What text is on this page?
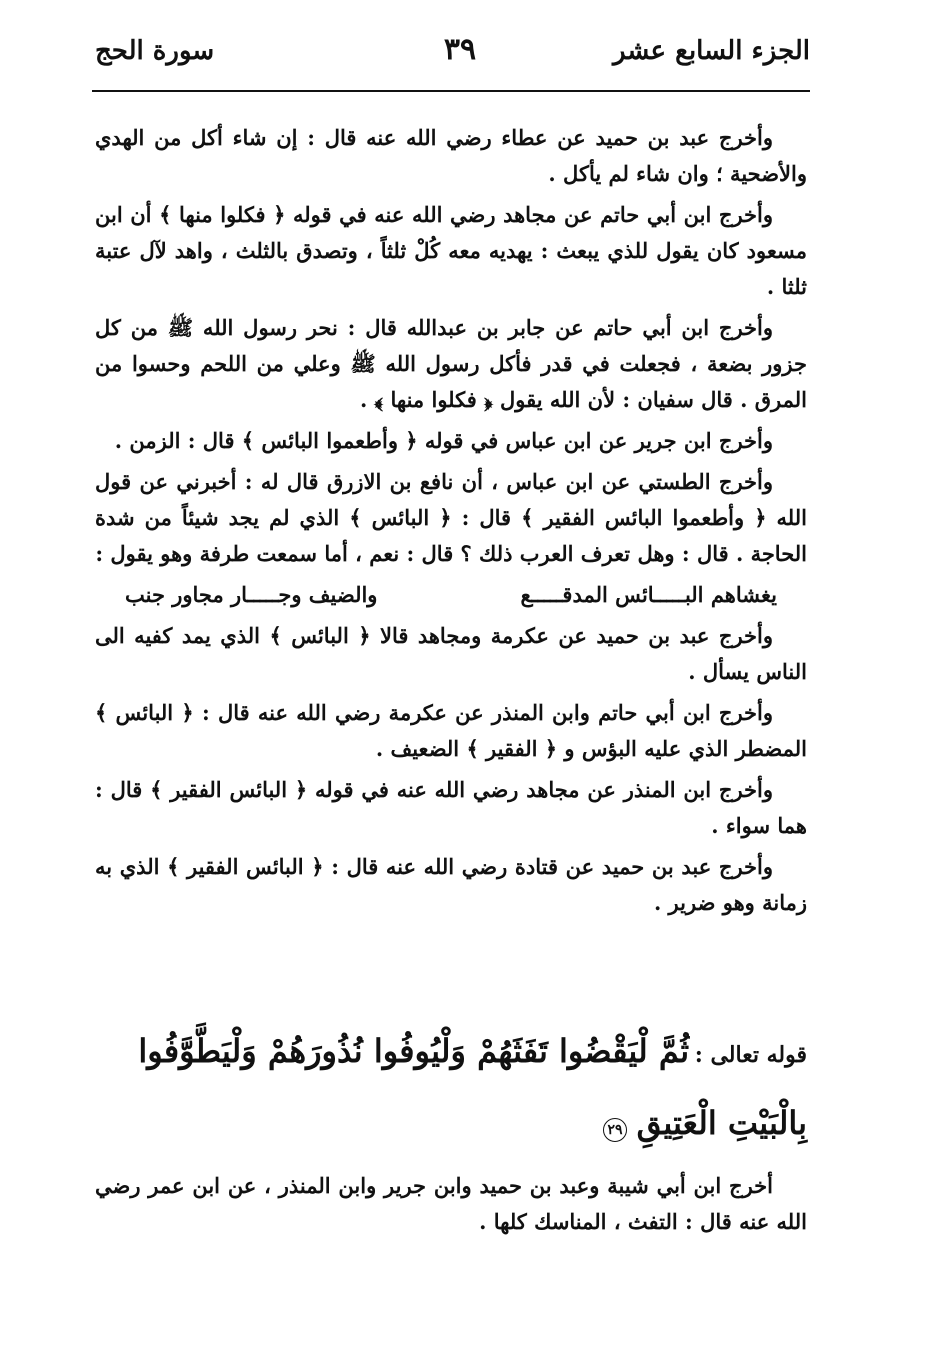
الجزء السابع عشر
٣٩
سورة الحج

وأخرج عبد بن حميد عن عطاء رضي الله عنه قال : إن شاء أكل من الهدي والأضحية ؛ وان شاء لم يأكل .

وأخرج ابن أبي حاتم عن مجاهد رضي الله عنه في قوله ﴿ فكلوا منها ﴾ أن ابن مسعود كان يقول للذي يبعث : يهديه معه كُلْ ثلثاً ، وتصدق بالثلث ، واهد لآل عتبة ثلثا .

وأخرج ابن أبي حاتم عن جابر بن عبدالله قال : نحر رسول الله ﷺ من كل جزور بضعة ، فجعلت في قدر فأكل رسول الله ﷺ وعلي من اللحم وحسوا من المرق . قال سفيان : لأن الله يقول ﴿ فكلوا منها ﴾ .

وأخرج ابن جرير عن ابن عباس في قوله ﴿ وأطعموا البائس ﴾ قال : الزمن .

وأخرج الطستي عن ابن عباس ، أن نافع بن الازرق قال له : أخبرني عن قول الله ﴿ وأطعموا البائس الفقير ﴾ قال : ﴿ البائس ﴾ الذي لم يجد شيئاً من شدة الحاجة . قال : وهل تعرف العرب ذلك ؟ قال : نعم ، أما سمعت طرفة وهو يقول :

يغشاهم البـــــائس المدقـــــع
والضيف وجـــــار مجاور جنب

وأخرج عبد بن حميد عن عكرمة ومجاهد قالا ﴿ البائس ﴾ الذي يمد كفيه الى الناس يسأل .

وأخرج ابن أبي حاتم وابن المنذر عن عكرمة رضي الله عنه قال : ﴿ البائس ﴾ المضطر الذي عليه البؤس و ﴿ الفقير ﴾ الضعيف .

وأخرج ابن المنذر عن مجاهد رضي الله عنه في قوله ﴿ البائس الفقير ﴾ قال : هما سواء .

وأخرج عبد بن حميد عن قتادة رضي الله عنه قال : ﴿ البائس الفقير ﴾ الذي به زمانة وهو ضرير .

قوله تعالى : ثُمَّ لْيَقْضُوا تَفَثَهُمْ وَلْيُوفُوا نُذُورَهُمْ وَلْيَطَّوَّفُوا بِالْبَيْتِ الْعَتِيقِ ٢٩

أخرج ابن أبي شيبة وعبد بن حميد وابن جرير وابن المنذر ، عن ابن عمر رضي الله عنه قال : التفث ، المناسك كلها .
